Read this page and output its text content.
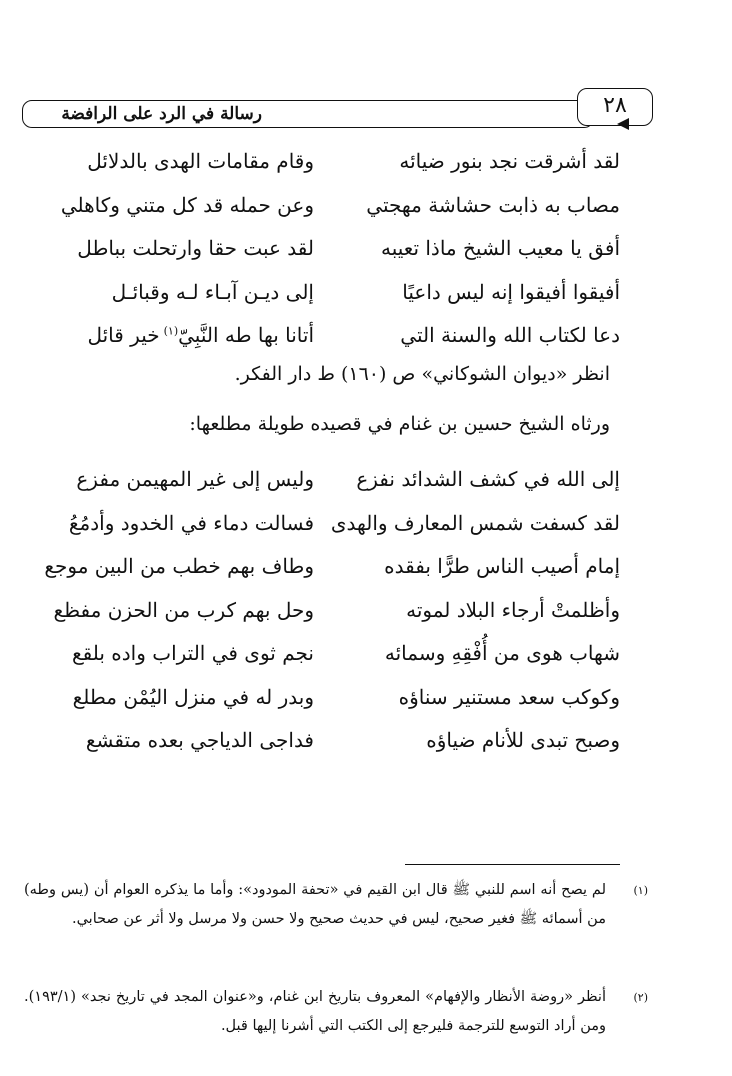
رسالة في الرد على الرافضة	٢٨
لقد أشرقت نجد بنور ضيائه
وقام مقامات الهدى بالدلائل
مصاب به ذابت حشاشة مهجتي
وعن حمله قد كل متني وكاهلي
أفق يا معيب الشيخ ماذا تعيبه
لقد عبت حقا وارتحلت بباطل
أفيقوا أفيقوا إنه ليس داعيًا
إلى ديـن آبـاء لـه وقبائـل
دعا لكتاب الله والسنة التي
أتانا بها طه النَّبِيّ$^{(١)}$خير قائل
انظر «ديوان الشوكاني» ص (١٦٠) ط دار الفكر.
ورثاه الشيخ حسين بن غنام في قصيده طويلة مطلعها:
إلى الله في كشف الشدائد نفزع
وليس إلى غير المهيمن مفزع
لقد كسفت شمس المعارف والهدى
فسالت دماء في الخدود وأدمُعُ
إمام أصيب الناس طرًّا بفقده
وطاف بهم خطب من البين موجع
وأظلمتْ أرجاء البلاد لموته
وحل بهم كرب من الحزن مفظع
شهاب هوى من أُفْقِهِ وسمائه
نجم ثوى في التراب واده بلقع
وكوكب سعد مستنير سناؤه
وبدر له في منزل اليُمْن مطلع
وصبح تبدى للأنام ضياؤه
فداجى الدياجي بعده متقشع
(١)
لم يصح أنه اسم للنبي ﷺ قال ابن القيم في «تحفة المودود»: وأما ما يذكره العوام أن (يس وطه) من أسمائه ﷺ فغير صحيح، ليس في حديث صحيح ولا حسن ولا مرسل ولا أثر عن صحابي.
(٢)
أنظر «روضة الأنظار والإفهام» المعروف بتاريخ ابن غنام، و«عنوان المجد في تاريخ نجد» (١٩٣/١). ومن أراد التوسع للترجمة فليرجع إلى الكتب التي أشرنا إليها قبل.
